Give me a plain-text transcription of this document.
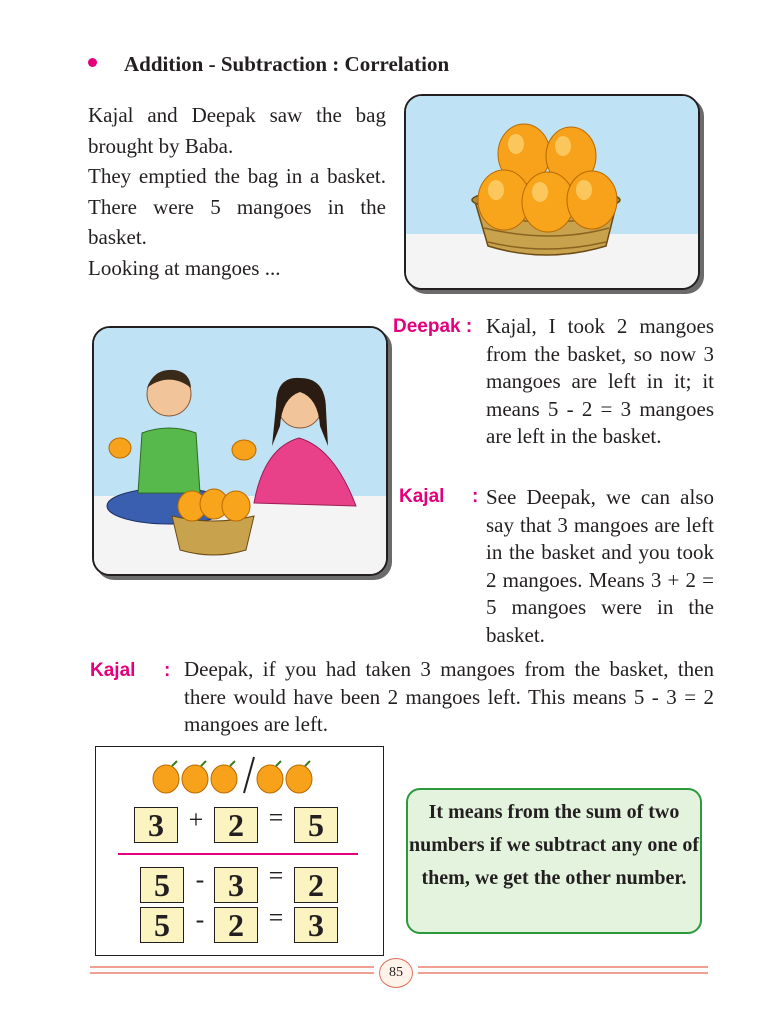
Addition - Subtraction : Correlation

Kajal and Deepak saw the bag brought by Baba.

They emptied the bag in a basket. There were 5 mangoes in the basket.

Looking at mangoes ...

Deepak : Kajal, I took 2 mangoes from the basket, so now 3 mangoes are left in it; it means 5 - 2 = 3 mangoes are left in the basket.

Kajal : See Deepak, we can also say that 3 mangoes are left in the basket and you took 2 mangoes. Means 3 + 2 = 5 mangoes were in the basket.

Kajal : Deepak, if you had taken 3 mangoes from the basket, then there would have been 2 mangoes left. This means 5 - 3 = 2 mangoes are left.

3 + 2 = 5
5 - 3 = 2
5 - 2 = 3
It means from the sum of two numbers if we subtract any one of them, we get the other number.
85
